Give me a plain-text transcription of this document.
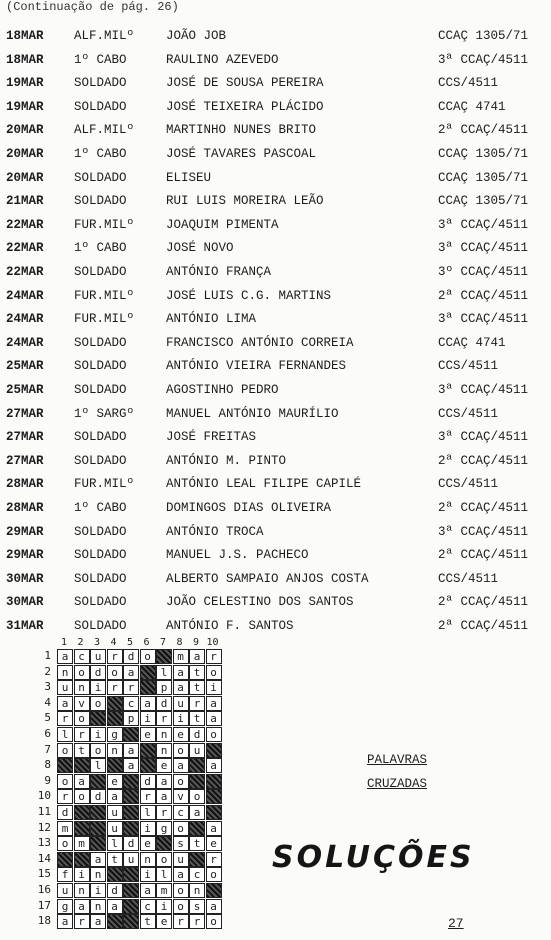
(Continuação de pág. 26)
18MAR ALF.MILº	JOÃO JOB	CCAÇ 1305/71
18MAR 1º CABO	RAULINO AZEVEDO	3ª CCAÇ/4511
19MAR SOLDADO	JOSÉ DE SOUSA PEREIRA	CCS/4511
19MAR SOLDADO	JOSÉ TEIXEIRA PLÁCIDO	CCAÇ 4741
20MAR ALF.MILº	MARTINHO NUNES BRITO	2ª CCAÇ/4511
20MAR 1º CABO	JOSÉ TAVARES PASCOAL	CCAÇ 1305/71
20MAR SOLDADO	ELISEU	CCAÇ 1305/71
21MAR SOLDADO	RUI LUIS MOREIRA LEÃO	CCAÇ 1305/71
22MAR FUR.MILº	JOAQUIM PIMENTA	3ª CCAÇ/4511
22MAR 1º CABO	JOSÉ NOVO	3ª CCAÇ/4511
22MAR SOLDADO	ANTÓNIO FRANÇA	3º CCAÇ/4511
24MAR FUR.MILº	JOSÉ LUIS C.G. MARTINS	2ª CCAÇ/4511
24MAR FUR.MILº	ANTÓNIO LIMA	3ª CCAÇ/4511
24MAR SOLDADO	FRANCISCO ANTÓNIO CORREIA	CCAÇ 4741
25MAR SOLDADO	ANTÓNIO VIEIRA FERNANDES	CCS/4511
25MAR SOLDADO	AGOSTINHO PEDRO	3ª CCAÇ/4511
27MAR 1º SARGº	MANUEL ANTÓNIO MAURÍLIO	CCS/4511
27MAR SOLDADO	JOSÉ FREITAS	3ª CCAÇ/4511
27MAR SOLDADO	ANTÓNIO M. PINTO	2ª CCAÇ/4511
28MAR FUR.MILº	ANTÓNIO LEAL FILIPE CAPILÉ	CCS/4511
28MAR 1º CABO	DOMINGOS DIAS OLIVEIRA	2ª CCAÇ/4511
29MAR SOLDADO	ANTÓNIO TROCA	3ª CCAÇ/4511
29MAR SOLDADO	MANUEL J.S. PACHECO	2ª CCAÇ/4511
30MAR SOLDADO	ALBERTO SAMPAIO ANJOS COSTA	CCS/4511
30MAR SOLDADO	JOÃO CELESTINO DOS SANTOS	2ª CCAÇ/4511
31MAR SOLDADO	ANTÓNIO F. SANTOS	2ª CCAÇ/4511
1	2	3	4	5	6	7	8	9 10
1
2
3
4
5
6
7
8
9
10
11
12
13
14
15
16
17
18
a c u r d o	m a r
n o d o a	l a t o
u n i r r	p a t i
a v o	c a d u r a
r o	p i r i t a
l r i g	e n e d o
o t o n a	n o u
l	a	e a	a
o a	e	d a o
r o d a	r a v o
d	u	l r c a
m	u	i g o	a
o m	l d e	s t e
a t u n o u	r
f i n	i l a c o
u n i d	a m o n
g a n a	c i o s a
a r a	t e r r o
PALAVRAS
CRUZADAS
SOLUÇÕES
27
